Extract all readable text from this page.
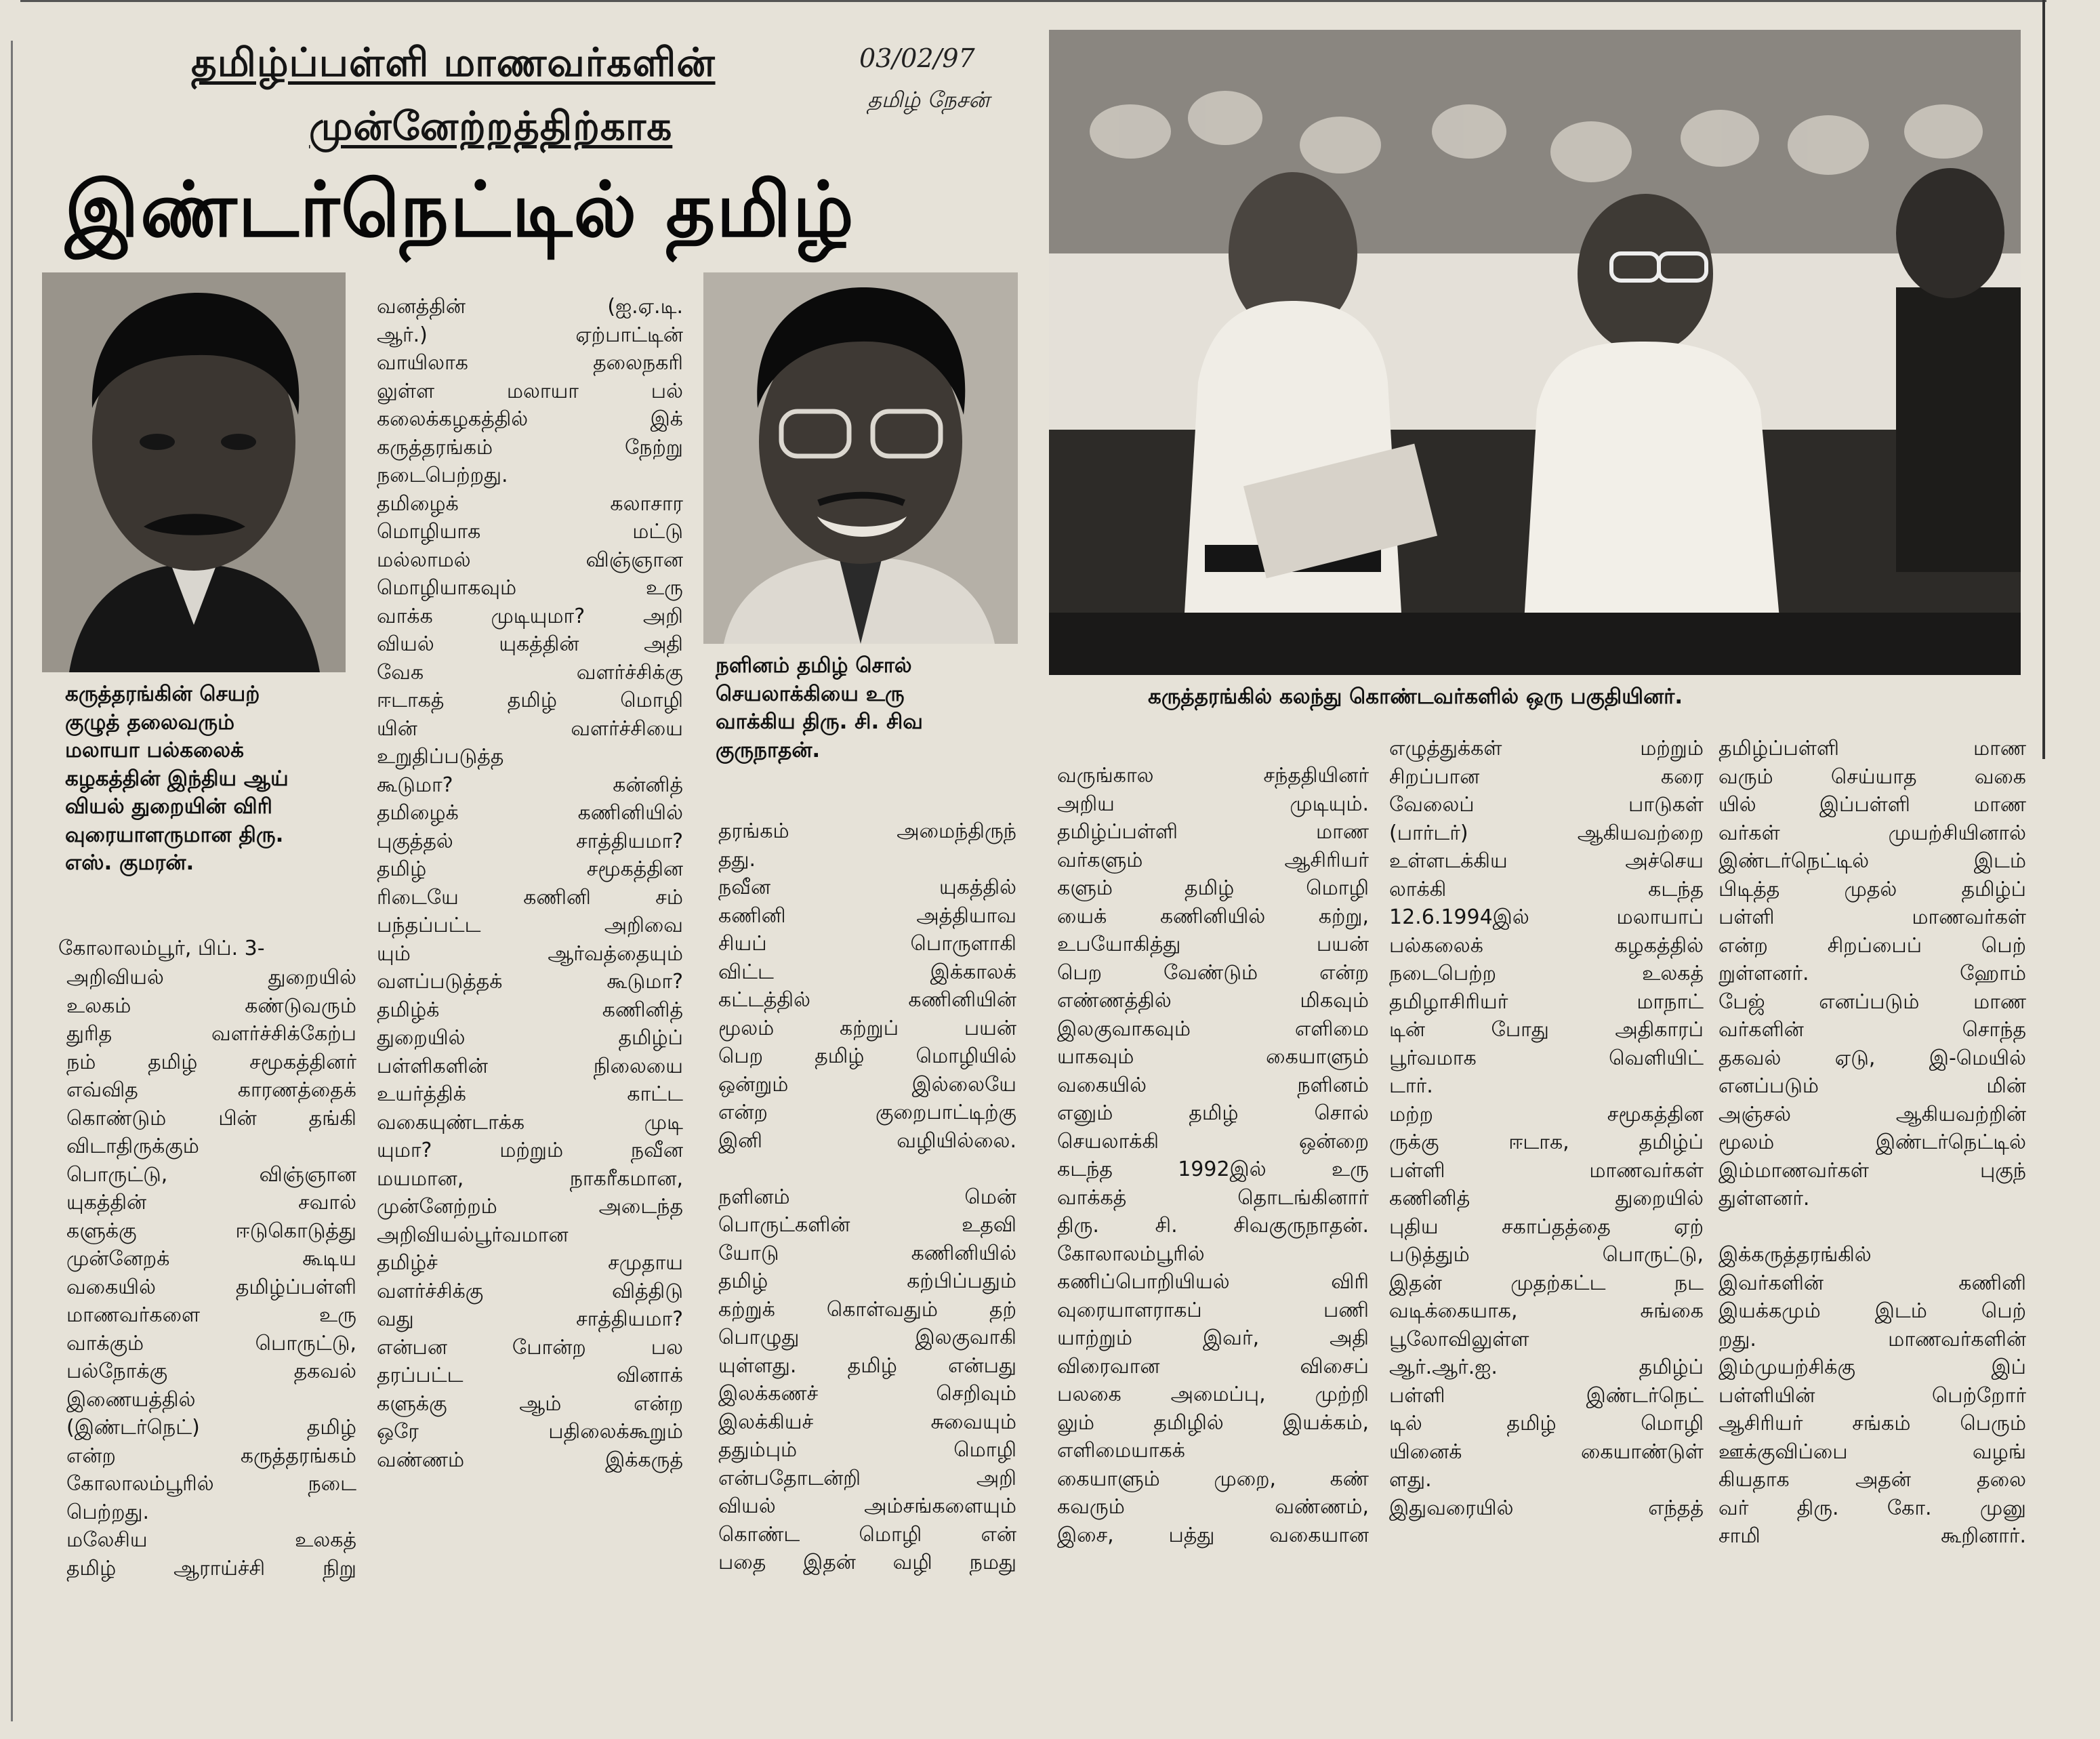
தமிழ்ப்பள்ளி மாணவர்களின்
முன்னேற்றத்திற்காக
03/02/97
தமிழ் நேசன்
இண்டர்நெட்டில் தமிழ்
கருத்தரங்கின் செயற்
குழுத் தலைவரும்
மலாயா பல்கலைக்
கழகத்தின் இந்திய ஆய்
வியல் துறையின் விரி
வுரையாளருமான திரு.
எஸ். குமரன்.
நளினம் தமிழ் சொல்
செயலாக்கியை உரு
வாக்கிய திரு. சி. சிவ
குருநாதன்.
கருத்தரங்கில் கலந்து கொண்டவர்களில் ஒரு பகுதியினர்.
கோலாலம்பூர், பிப். 3-

அறிவியல் துறையில்
உலகம் கண்டுவரும்
துரித வளர்ச்சிக்கேற்ப
நம் தமிழ் சமூகத்தினர்
எவ்வித காரணத்தைக்
கொண்டும் பின் தங்கி
விடாதிருக்கும்
பொருட்டு, விஞ்ஞான
யுகத்தின் சவால்
களுக்கு ஈடுகொடுத்து
முன்னேறக் கூடிய
வகையில் தமிழ்ப்பள்ளி
மாணவர்களை உரு
வாக்கும் பொருட்டு,
பல்நோக்கு தகவல்
இணையத்தில்
(இண்டர்நெட்) தமிழ்
என்ற கருத்தரங்கம்
கோலாலம்பூரில் நடை
பெற்றது.
மலேசிய உலகத்
தமிழ் ஆராய்ச்சி நிறு

வனத்தின் (ஐ.ஏ.டி.
ஆர்.) ஏற்பாட்டின்
வாயிலாக தலைநகரி
லுள்ள மலாயா பல்
கலைக்கழகத்தில் இக்
கருத்தரங்கம் நேற்று
நடைபெற்றது.
தமிழைக் கலாசார
மொழியாக மட்டு
மல்லாமல் விஞ்ஞான
மொழியாகவும் உரு
வாக்க முடியுமா? அறி
வியல் யுகத்தின் அதி
வேக வளர்ச்சிக்கு
ஈடாகத் தமிழ் மொழி
யின் வளர்ச்சியை
உறுதிப்படுத்த
கூடுமா? கன்னித்
தமிழைக் கணினியில்
புகுத்தல் சாத்தியமா?
தமிழ் சமூகத்தின
ரிடையே கணினி சம்
பந்தப்பட்ட அறிவை
யும் ஆர்வத்தையும்
வளப்படுத்தக் கூடுமா?
தமிழ்க் கணினித்
துறையில் தமிழ்ப்
பள்ளிகளின் நிலையை
உயர்த்திக் காட்ட
வகையுண்டாக்க முடி
யுமா? மற்றும் நவீன
மயமான, நாகரீகமான,
முன்னேற்றம் அடைந்த
அறிவியல்பூர்வமான
தமிழ்ச் சமுதாய
வளர்ச்சிக்கு வித்திடு
வது சாத்தியமா?
என்பன போன்ற பல
தரப்பட்ட வினாக்
களுக்கு ஆம் என்ற
ஒரே பதிலைக்கூறும்
வண்ணம் இக்கருத்

தரங்கம் அமைந்திருந்
தது.
நவீன யுகத்தில்
கணினி அத்தியாவ
சியப் பொருளாகி
விட்ட இக்காலக்
கட்டத்தில் கணினியின்
மூலம் கற்றுப் பயன்
பெற தமிழ் மொழியில்
ஒன்றும் இல்லையே
என்ற குறைபாட்டிற்கு
இனி வழியில்லை.

நளினம் மென்
பொருட்களின் உதவி
யோடு கணினியில்
தமிழ் கற்பிப்பதும்
கற்றுக் கொள்வதும் தற்
பொழுது இலகுவாகி
யுள்ளது. தமிழ் என்பது
இலக்கணச் செறிவும்
இலக்கியச் சுவையும்
ததும்பும் மொழி
என்பதோடன்றி அறி
வியல் அம்சங்களையும்
கொண்ட மொழி என்
பதை இதன் வழி நமது

வருங்கால சந்ததியினர்
அறிய முடியும்.
தமிழ்ப்பள்ளி மாண
வர்களும் ஆசிரியர்
களும் தமிழ் மொழி
யைக் கணினியில் கற்று,
உபயோகித்து பயன்
பெற வேண்டும் என்ற
எண்ணத்தில் மிகவும்
இலகுவாகவும் எளிமை
யாகவும் கையாளும்
வகையில் நளினம்
எனும் தமிழ் சொல்
செயலாக்கி ஒன்றை
கடந்த 1992இல் உரு
வாக்கத் தொடங்கினார்
திரு. சி. சிவகுருநாதன்.
கோலாலம்பூரில்
கணிப்பொறியியல் விரி
வுரையாளராகப் பணி
யாற்றும் இவர், அதி
விரைவான விசைப்
பலகை அமைப்பு, முற்றி
லும் தமிழில் இயக்கம்,
எளிமையாகக்
கையாளும் முறை, கண்
கவரும் வண்ணம்,
இசை, பத்து வகையான

எழுத்துக்கள் மற்றும்
சிறப்பான கரை
வேலைப் பாடுகள்
(பார்டர்) ஆகியவற்றை
உள்ளடக்கிய அச்செய
லாக்கி கடந்த
12.6.1994இல் மலாயாப்
பல்கலைக் கழகத்தில்
நடைபெற்ற உலகத்
தமிழாசிரியர் மாநாட்
டின் போது அதிகாரப்
பூர்வமாக வெளியிட்
டார்.
மற்ற சமூகத்தின
ருக்கு ஈடாக, தமிழ்ப்
பள்ளி மாணவர்கள்
கணினித் துறையில்
புதிய சகாப்தத்தை ஏற்
படுத்தும் பொருட்டு,
இதன் முதற்கட்ட நட
வடிக்கையாக, சுங்கை
பூலோவிலுள்ள
ஆர்.ஆர்.ஐ. தமிழ்ப்
பள்ளி இண்டர்நெட்
டில் தமிழ் மொழி
யினைக் கையாண்டுள்
ளது.
இதுவரையில் எந்தத்

தமிழ்ப்பள்ளி மாண
வரும் செய்யாத வகை
யில் இப்பள்ளி மாண
வர்கள் முயற்சியினால்
இண்டர்நெட்டில் இடம்
பிடித்த முதல் தமிழ்ப்
பள்ளி மாணவர்கள்
என்ற சிறப்பைப் பெற்
றுள்ளனர். ஹோம்
பேஜ் எனப்படும் மாண
வர்களின் சொந்த
தகவல் ஏடு, இ-மெயில்
எனப்படும் மின்
அஞ்சல் ஆகியவற்றின்
மூலம் இண்டர்நெட்டில்
இம்மாணவர்கள் புகுந்
துள்ளனர்.

இக்கருத்தரங்கில்
இவர்களின் கணினி
இயக்கமும் இடம் பெற்
றது. மாணவர்களின்
இம்முயற்சிக்கு இப்
பள்ளியின் பெற்றோர்
ஆசிரியர் சங்கம் பெரும்
ஊக்குவிப்பை வழங்
கியதாக அதன் தலை
வர் திரு. கோ. முனு
சாமி கூறினார்.
